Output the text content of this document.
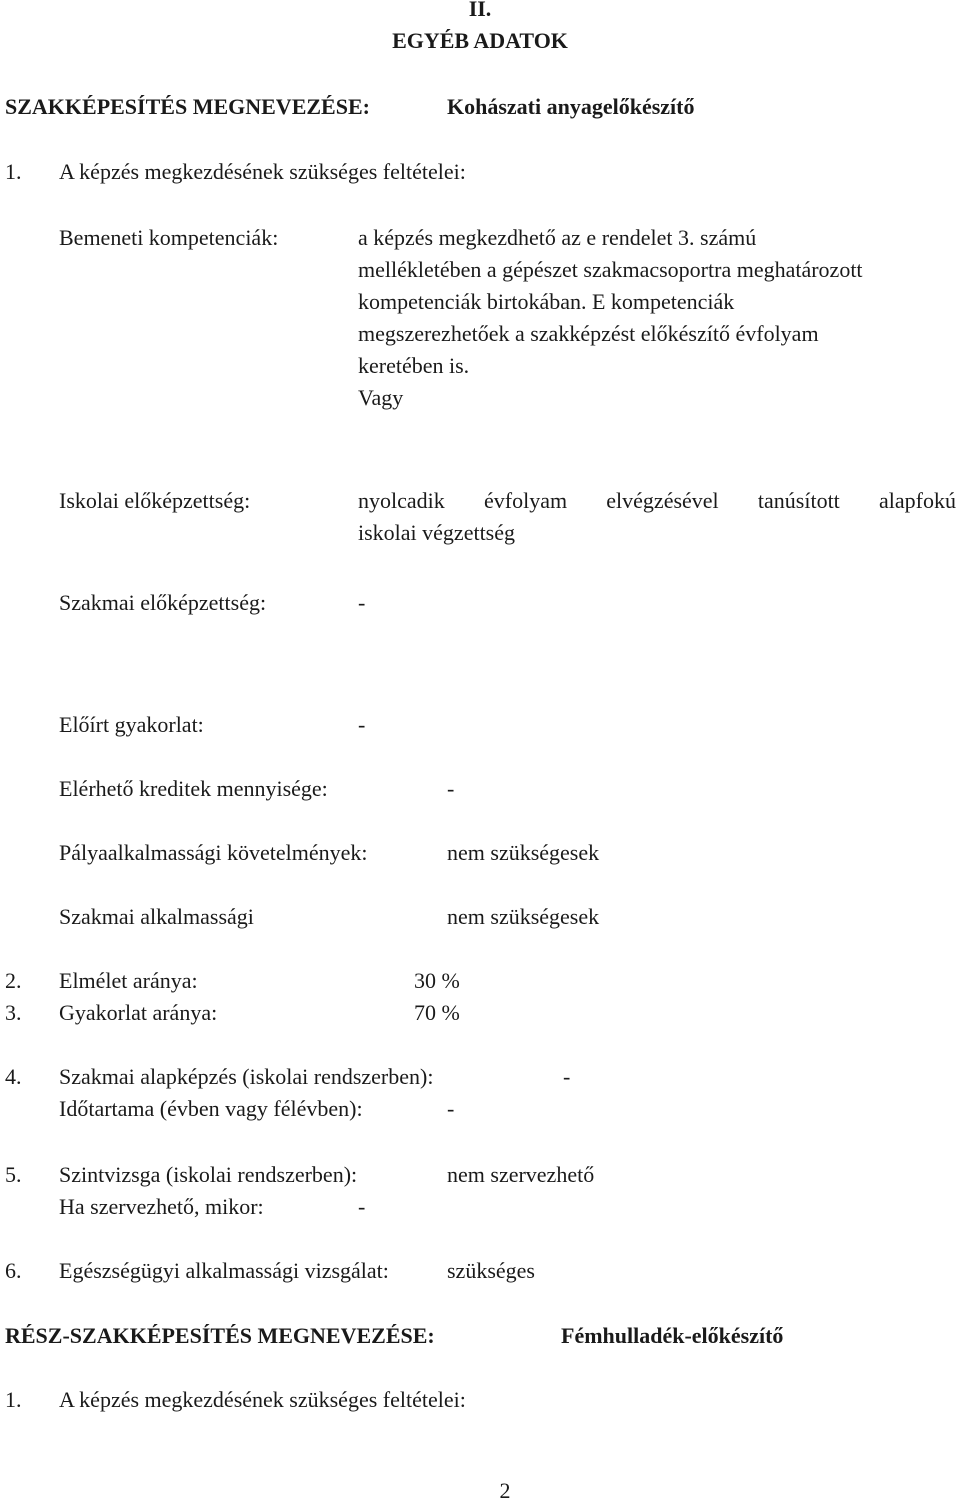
II.
EGYÉB ADATOK
SZAKKÉPESÍTÉS MEGNEVEZÉSE:	Kohászati anyagelőkészítő
1. A képzés megkezdésének szükséges feltételei:
Bemeneti kompetenciák:	a képzés megkezdhető az e rendelet 3. számú
mellékletében a gépészet szakmacsoportra meghatározott
kompetenciák birtokában. E kompetenciák
megszerezhetőek a szakképzést előkészítő évfolyam
keretében is.
Vagy
Iskolai előképzettség:	nyolcadik évfolyam elvégzésével tanúsított alapfokú
iskolai végzettség
Szakmai előképzettség:	-
Előírt gyakorlat:	-
Elérhető kreditek mennyisége:	-
Pályaalkalmassági követelmények:	nem szükségesek
Szakmai alkalmassági	nem szükségesek
2. Elmélet aránya:	30 %
3. Gyakorlat aránya:	70 %
4. Szakmai alapképzés (iskolai rendszerben):	-
Időtartama (évben vagy félévben):	-
5. Szintvizsga (iskolai rendszerben):	nem szervezhető
Ha szervezhető, mikor:	-
6. Egészségügyi alkalmassági vizsgálat:	szükséges
RÉSZ-SZAKKÉPESÍTÉS MEGNEVEZÉSE:	Fémhulladék-előkészítő
1. A képzés megkezdésének szükséges feltételei:
2
